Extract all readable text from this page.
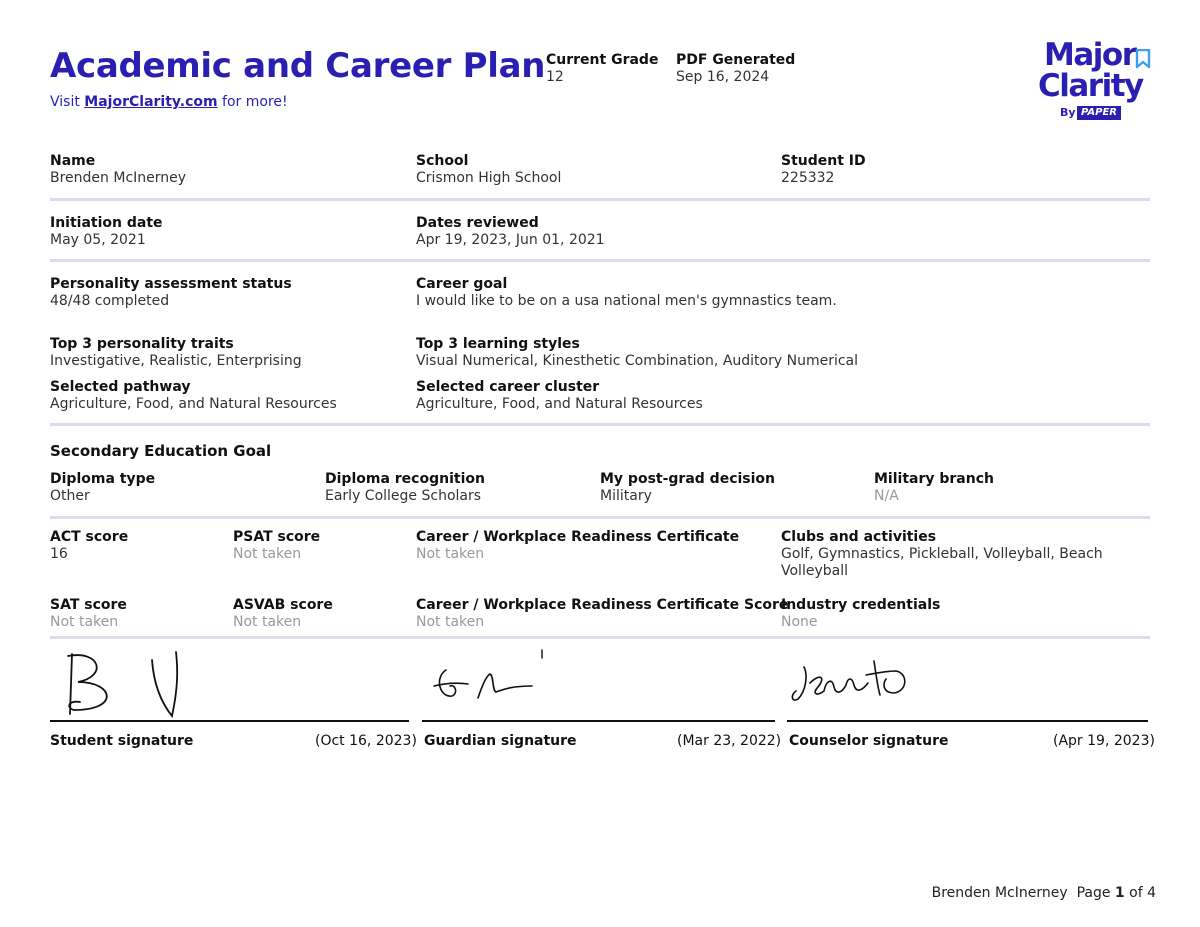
Academic and Career Plan
Visit MajorClarity.com for more!
Current Grade
12
PDF Generated
Sep 16, 2024
Major
Clarity
By PAPER
Name
Brenden McInerney
School
Crismon High School
Student ID
225332
Initiation date
May 05, 2021
Dates reviewed
Apr 19, 2023, Jun 01, 2021
Personality assessment status
48/48 completed
Career goal
I would like to be on a usa national men's gymnastics team.
Top 3 personality traits
Investigative, Realistic, Enterprising
Top 3 learning styles
Visual Numerical, Kinesthetic Combination, Auditory Numerical
Selected pathway
Agriculture, Food, and Natural Resources
Selected career cluster
Agriculture, Food, and Natural Resources
Secondary Education Goal
Diploma type
Other
Diploma recognition
Early College Scholars
My post-grad decision
Military
Military branch
N/A
ACT score
16
PSAT score
Not taken
Career / Workplace Readiness Certificate
Not taken
Clubs and activities
Golf, Gymnastics, Pickleball, Volleyball, Beach Volleyball
SAT score
Not taken
ASVAB score
Not taken
Career / Workplace Readiness Certificate Score
Not taken
Industry credentials
None
Student signature	(Oct 16, 2023) Guardian signature	(Mar 23, 2022) Counselor signature	(Apr 19, 2023)
Brenden McInerney Page 1 of 4
